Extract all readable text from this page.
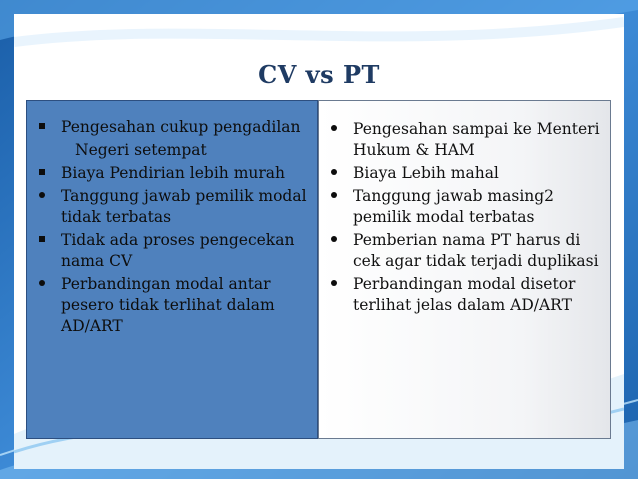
CV vs PT
Pengesahan cukup pengadilan
Negeri setempat
Biaya Pendirian lebih murah
Tanggung jawab pemilik modal tidak terbatas
Tidak ada proses pengecekan nama CV
Perbandingan modal antar pesero tidak terlihat dalam AD/ART
Pengesahan sampai ke Menteri Hukum & HAM
Biaya Lebih mahal
Tanggung jawab masing2 pemilik modal terbatas
Pemberian nama PT harus di cek agar tidak terjadi duplikasi
Perbandingan modal disetor terlihat jelas dalam AD/ART
